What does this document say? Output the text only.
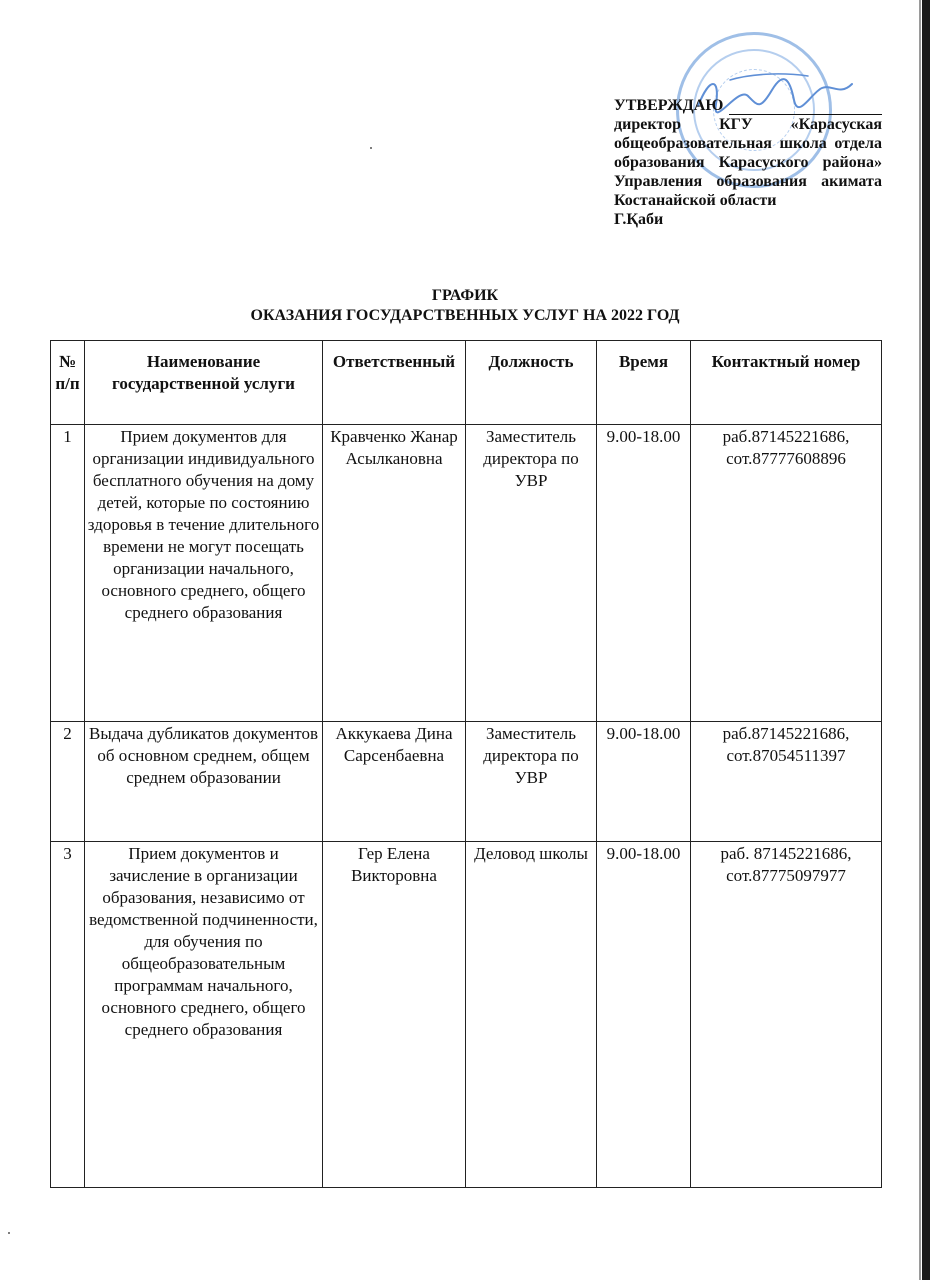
УТВЕРЖДАЮ
директор КГУ «Карасуская общеобразовательная школа отдела образования Карасуского района» Управления образования акимата Костанайской области
Г.Қаби
ГРАФИК
ОКАЗАНИЯ ГОСУДАРСТВЕННЫХ УСЛУГ НА 2022 ГОД
№ п/п	Наименование государственной услуги	Ответственный	Должность	Время	Контактный номер
1	Прием документов для организации индивидуального бесплатного обучения на дому детей, которые по состоянию здоровья в течение длительного времени не могут посещать организации начального, основного среднего, общего среднего образования	Кравченко Жанар Асылкановна	Заместитель директора по УВР	9.00-18.00	раб.87145221686, сот.87777608896
2	Выдача дубликатов документов об основном среднем, общем среднем образовании	Аккукаева Дина Сарсенбаевна	Заместитель директора по УВР	9.00-18.00	раб.87145221686, сот.87054511397
3	Прием документов и зачисление в организации образования, независимо от ведомственной подчиненности, для обучения по общеобразовательным программам начального, основного среднего, общего среднего образования	Гер Елена Викторовна	Деловод школы	9.00-18.00	раб. 87145221686, сот.87775097977
